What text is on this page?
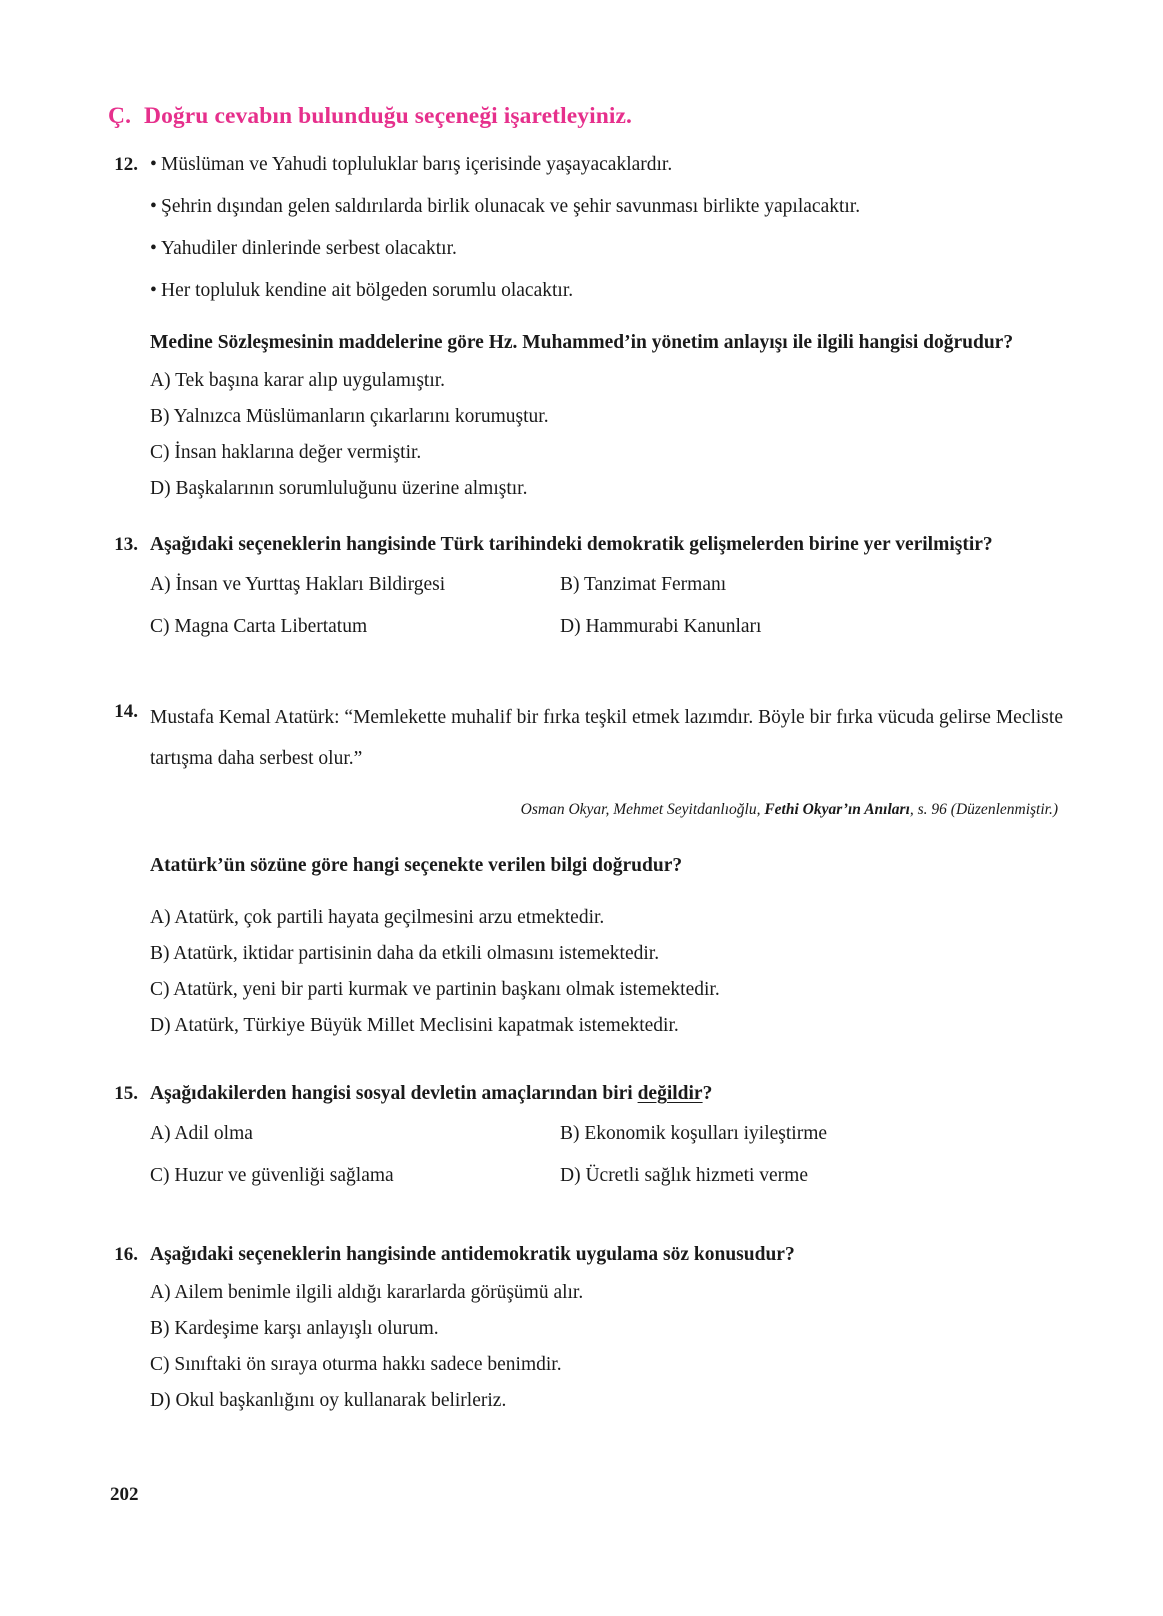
Ç. Doğru cevabın bulunduğu seçeneği işaretleyiniz.
12. • Müslüman ve Yahudi topluluklar barış içerisinde yaşayacaklardır.
• Şehrin dışından gelen saldırılarda birlik olunacak ve şehir savunması birlikte yapılacaktır.
• Yahudiler dinlerinde serbest olacaktır.
• Her topluluk kendine ait bölgeden sorumlu olacaktır.
Medine Sözleşmesinin maddelerine göre Hz. Muhammed’in yönetim anlayışı ile ilgili hangisi doğrudur?
A) Tek başına karar alıp uygulamıştır.
B) Yalnızca Müslümanların çıkarlarını korumuştur.
C) İnsan haklarına değer vermiştir.
D) Başkalarının sorumluluğunu üzerine almıştır.
13. Aşağıdaki seçeneklerin hangisinde Türk tarihindeki demokratik gelişmelerden birine yer verilmiştir?
A) İnsan ve Yurttaş Hakları Bildirgesi	B) Tanzimat Fermanı
C) Magna Carta Libertatum	D) Hammurabi Kanunları
14. Mustafa Kemal Atatürk: “Memlekette muhalif bir fırka teşkil etmek lazımdır. Böyle bir fırka vücuda gelirse Mecliste tartışma daha serbest olur.”
Osman Okyar, Mehmet Seyitdanlıoğlu, Fethi Okyar’ın Anıları, s. 96 (Düzenlenmiştir.)
Atatürk’ün sözüne göre hangi seçenekte verilen bilgi doğrudur?
A) Atatürk, çok partili hayata geçilmesini arzu etmektedir.
B) Atatürk, iktidar partisinin daha da etkili olmasını istemektedir.
C) Atatürk, yeni bir parti kurmak ve partinin başkanı olmak istemektedir.
D) Atatürk, Türkiye Büyük Millet Meclisini kapatmak istemektedir.
15. Aşağıdakilerden hangisi sosyal devletin amaçlarından biri değildir?
A) Adil olma	B) Ekonomik koşulları iyileştirme
C) Huzur ve güvenliği sağlama	D) Ücretli sağlık hizmeti verme
16. Aşağıdaki seçeneklerin hangisinde antidemokratik uygulama söz konusudur?
A) Ailem benimle ilgili aldığı kararlarda görüşümü alır.
B) Kardeşime karşı anlayışlı olurum.
C) Sınıftaki ön sıraya oturma hakkı sadece benimdir.
D) Okul başkanlığını oy kullanarak belirleriz.
202
